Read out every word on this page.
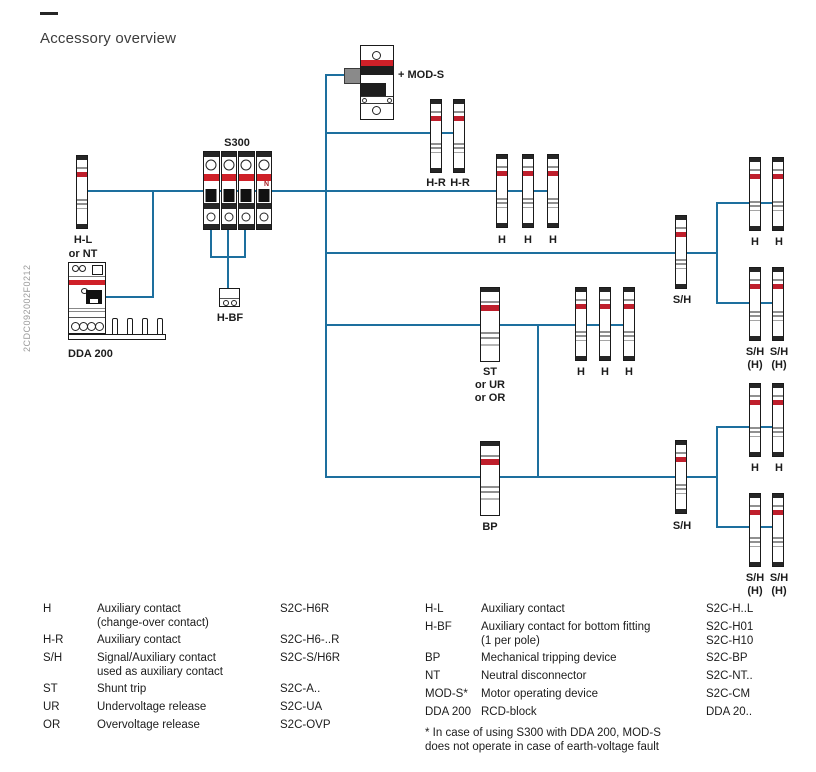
Accessory overview
2CDC092002F0212
+ MOD-S
H-R H-R
H-L
or NT
S300
N
H-BF
DDA 200
H H H
S/H
H H
S/H
(H)
S/H
(H)
ST
or UR
or OR
H H H
BP	S/H
H H
S/H
(H)
S/H
(H)
H	Auxiliary contact
(change-over contact)
S2C-H6R
H-R	Auxiliary contact	S2C-H6-..R
S/H	Signal/Auxiliary contact
used as auxiliary contact
S2C-S/H6R
ST	Shunt trip	S2C-A..
UR	Undervoltage release	S2C-UA
OR	Overvoltage release	S2C-OVP
H-L	Auxiliary contact	S2C-H..L
H-BF	Auxiliary contact for bottom fitting
(1 per pole)
S2C-H01
S2C-H10
BP	Mechanical tripping device	S2C-BP
NT	Neutral disconnector	S2C-NT..
MOD-S* Motor operating device	S2C-CM
DDA 200 RCD-block	DDA 20..
* In case of using S300 with DDA 200, MOD-S
does not operate in case of earth-voltage fault
